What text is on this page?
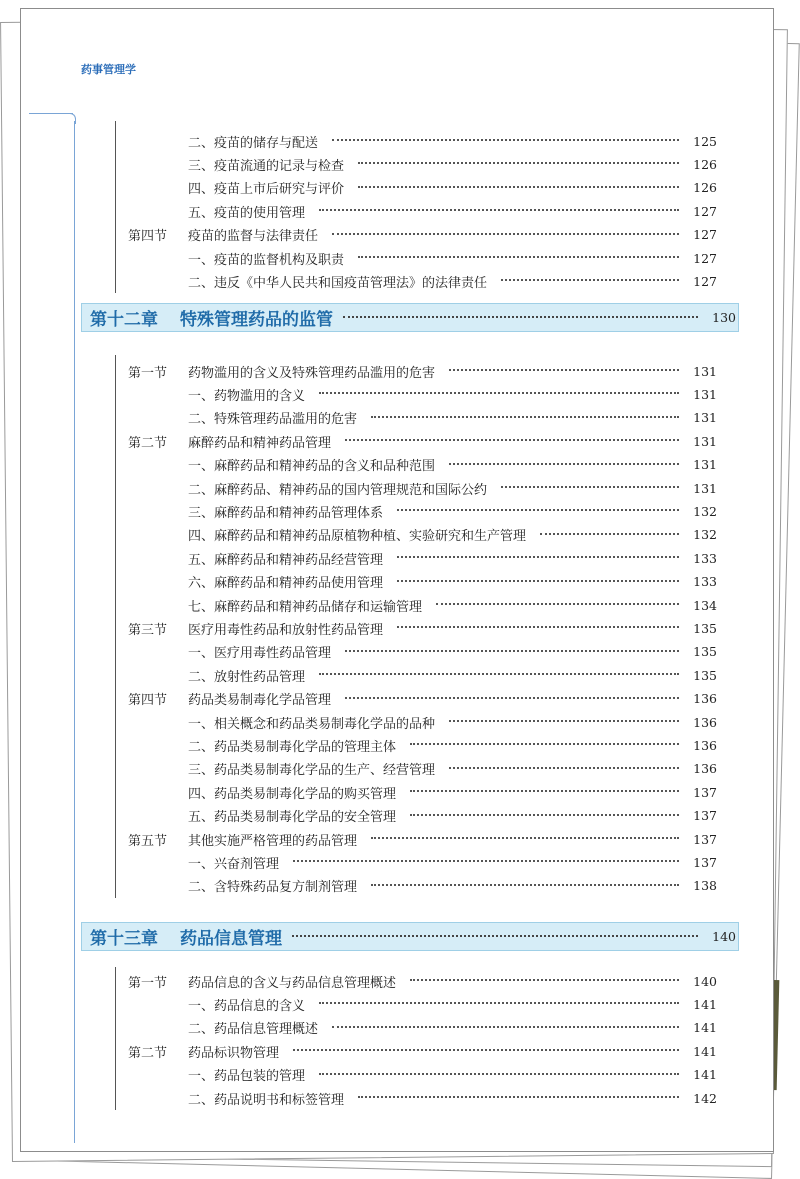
药事管理学
二、疫苗的储存与配送	125
三、疫苗流通的记录与检查	126
四、疫苗上市后研究与评价	126
五、疫苗的使用管理	127
第四节 疫苗的监督与法律责任	127
一、疫苗的监督机构及职责	127
二、违反《中华人民共和国疫苗管理法》的法律责任	127
第十二章 特殊管理药品的监管	130
第一节 药物滥用的含义及特殊管理药品滥用的危害	131
一、药物滥用的含义	131
二、特殊管理药品滥用的危害	131
第二节 麻醉药品和精神药品管理	131
一、麻醉药品和精神药品的含义和品种范围	131
二、麻醉药品、精神药品的国内管理规范和国际公约	131
三、麻醉药品和精神药品管理体系	132
四、麻醉药品和精神药品原植物种植、实验研究和生产管理	132
五、麻醉药品和精神药品经营管理	133
六、麻醉药品和精神药品使用管理	133
七、麻醉药品和精神药品储存和运输管理	134
第三节 医疗用毒性药品和放射性药品管理	135
一、医疗用毒性药品管理	135
二、放射性药品管理	135
第四节 药品类易制毒化学品管理	136
一、相关概念和药品类易制毒化学品的品种	136
二、药品类易制毒化学品的管理主体	136
三、药品类易制毒化学品的生产、经营管理	136
四、药品类易制毒化学品的购买管理	137
五、药品类易制毒化学品的安全管理	137
第五节 其他实施严格管理的药品管理	137
一、兴奋剂管理	137
二、含特殊药品复方制剂管理	138
第十三章 药品信息管理	140
第一节 药品信息的含义与药品信息管理概述	140
一、药品信息的含义	141
二、药品信息管理概述	141
第二节 药品标识物管理	141
一、药品包装的管理	141
二、药品说明书和标签管理	142
